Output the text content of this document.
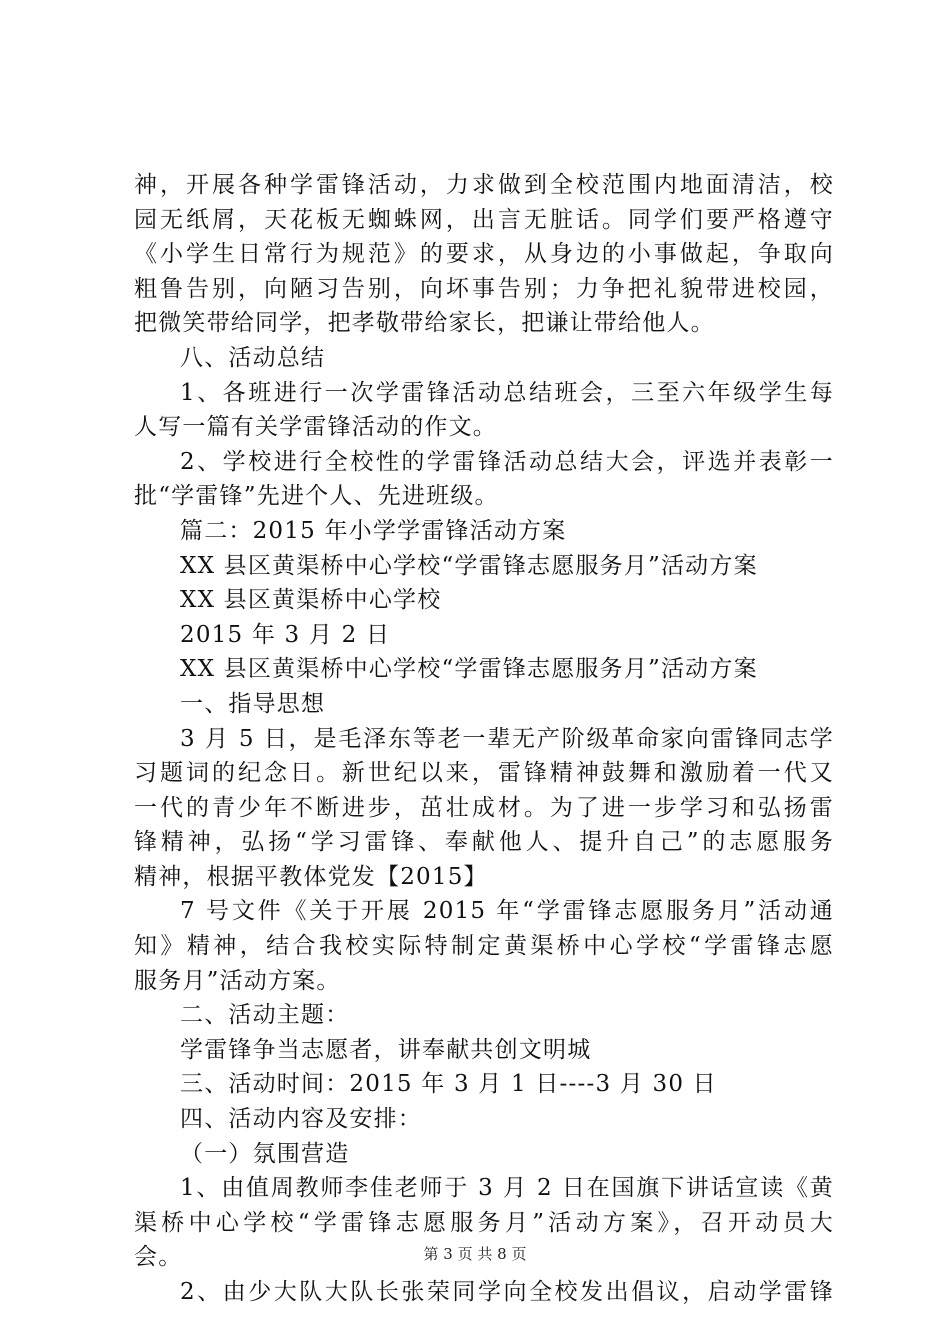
神，开展各种学雷锋活动，力求做到全校范围内地面清洁，校
园无纸屑，天花板无蜘蛛网，出言无脏话。同学们要严格遵守
《小学生日常行为规范》的要求，从身边的小事做起，争取向
粗鲁告别，向陋习告别，向坏事告别；力争把礼貌带进校园，
把微笑带给同学，把孝敬带给家长，把谦让带给他人。
八、活动总结
1、各班进行一次学雷锋活动总结班会，三至六年级学生每
人写一篇有关学雷锋活动的作文。
2、学校进行全校性的学雷锋活动总结大会，评选并表彰一
批“学雷锋”先进个人、先进班级。
篇二：2015 年小学学雷锋活动方案
XX 县区黄渠桥中心学校“学雷锋志愿服务月”活动方案
XX 县区黄渠桥中心学校
2015 年 3 月 2 日
XX 县区黄渠桥中心学校“学雷锋志愿服务月”活动方案
一、指导思想
3 月 5 日，是毛泽东等老一辈无产阶级革命家向雷锋同志学
习题词的纪念日。新世纪以来，雷锋精神鼓舞和激励着一代又
一代的青少年不断进步，茁壮成材。为了进一步学习和弘扬雷
锋精神，弘扬“学习雷锋、奉献他人、提升自己”的志愿服务
精神，根据平教体党发【2015】
7 号文件《关于开展 2015 年“学雷锋志愿服务月”活动通
知》精神，结合我校实际特制定黄渠桥中心学校“学雷锋志愿
服务月”活动方案。
二、活动主题：
学雷锋争当志愿者，讲奉献共创文明城
三、活动时间：2015 年 3 月 1 日----3 月 30 日
四、活动内容及安排：
（一）氛围营造
1、由值周教师李佳老师于 3 月 2 日在国旗下讲话宣读《黄
渠桥中心学校“学雷锋志愿服务月”活动方案》，召开动员大
会。
2、由少大队大队长张荣同学向全校发出倡议，启动学雷锋
第 3 页 共 8 页
